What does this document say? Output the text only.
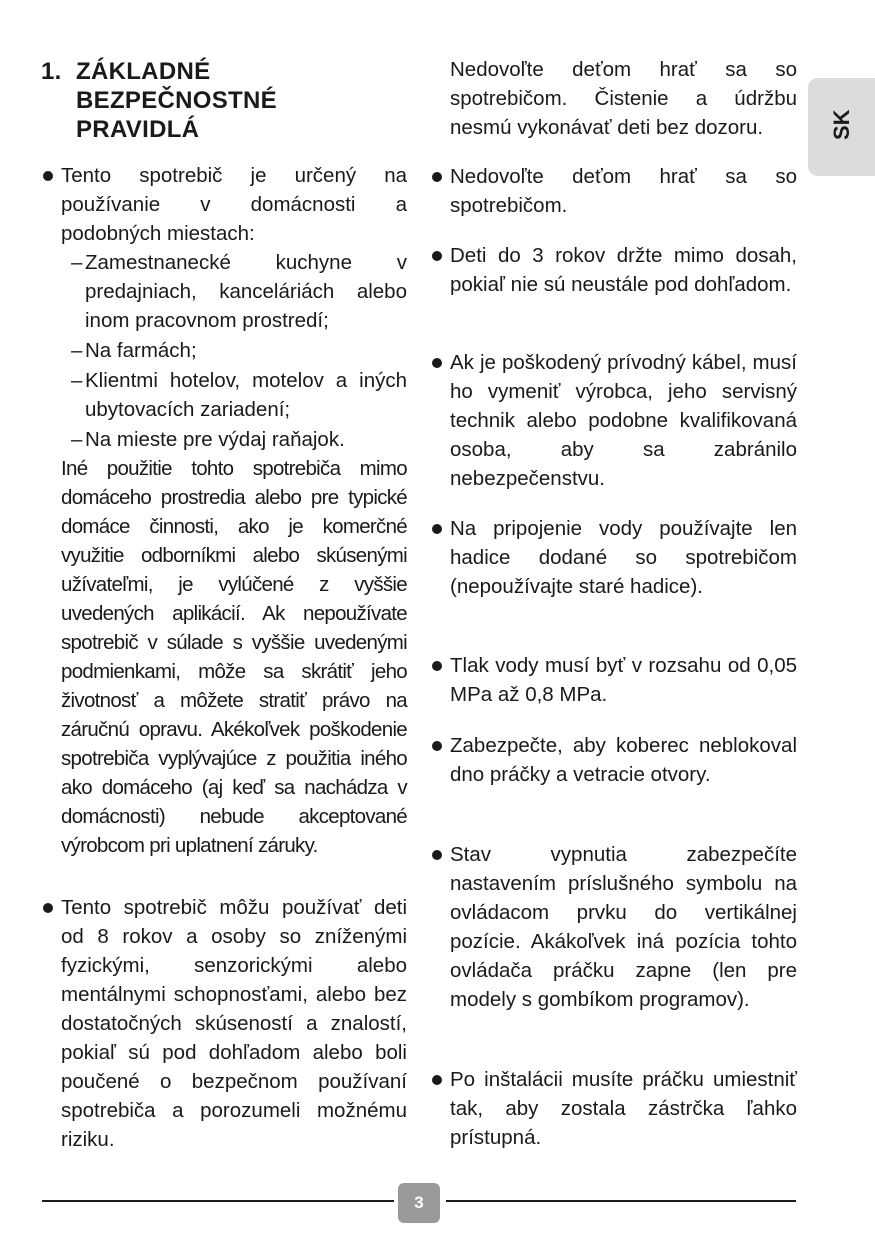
1. ZÁKLADNÉ BEZPEČNOSTNÉ PRAVIDLÁ
Tento spotrebič je určený na používanie v domácnosti a podobných miestach:
– Zamestnanecké kuchyne v predajniach, kanceláriách alebo inom pracovnom prostredí;
– Na farmách;
– Klientmi hotelov, motelov a iných ubytovacích zariadení;
– Na mieste pre výdaj raňajok.
Iné použitie tohto spotrebiča mimo domáceho prostredia alebo pre typické domáce činnosti, ako je komerčné využitie odborníkmi alebo skúsenými užívateľmi, je vylúčené z vyššie uvedených aplikácií. Ak nepoužívate spotrebič v súlade s vyššie uvedenými podmienkami, môže sa skrátiť jeho životnosť a môžete stratiť právo na záručnú opravu. Akékoľvek poškodenie spotrebiča vyplývajúce z použitia iného ako domáceho (aj keď sa nachádza v domácnosti) nebude akceptované výrobcom pri uplatnení záruky.
Tento spotrebič môžu používať deti od 8 rokov a osoby so zníženými fyzickými, senzorickými alebo mentálnymi schopnosťami, alebo bez dostatočných skúseností a znalostí, pokiaľ sú pod dohľadom alebo boli poučené o bezpečnom používaní spotrebiča a porozumeli možnému riziku.
Nedovoľte deťom hrať sa so spotrebičom. Čistenie a údržbu nesmú vykonávať deti bez dozoru.
Nedovoľte deťom hrať sa so spotrebičom.
Deti do 3 rokov držte mimo dosah, pokiaľ nie sú neustále pod dohľadom.
Ak je poškodený prívodný kábel, musí ho vymeniť výrobca, jeho servisný technik alebo podobne kvalifikovaná osoba, aby sa zabránilo nebezpečenstvu.
Na pripojenie vody používajte len hadice dodané so spotrebičom (nepoužívajte staré hadice).
Tlak vody musí byť v rozsahu od 0,05 MPa až 0,8 MPa.
Zabezpečte, aby koberec neblokoval dno práčky a vetracie otvory.
Stav vypnutia zabezpečíte nastavením príslušného symbolu na ovládacom prvku do vertikálnej pozície. Akákoľvek iná pozícia tohto ovládača práčku zapne (len pre modely s gombíkom programov).
Po inštalácii musíte práčku umiestniť tak, aby zostala zástrčka ľahko prístupná.
SK
3
